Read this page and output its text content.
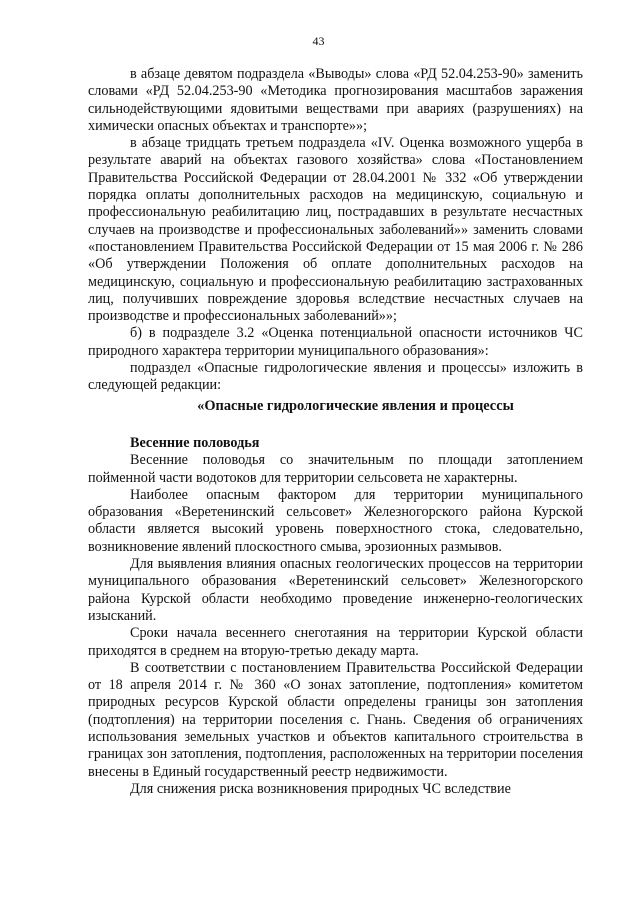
43

в абзаце девятом подраздела «Выводы» слова «РД 52.04.253-90» заменить словами «РД 52.04.253-90 «Методика прогнозирования масштабов заражения сильнодействующими ядовитыми веществами при авариях (разрушениях) на химически опасных объектах и транспорте»»;

в абзаце тридцать третьем подраздела «IV. Оценка возможного ущерба в результате аварий на объектах газового хозяйства» слова «Постановлением Правительства Российской Федерации от 28.04.2001 № 332 «Об утверждении порядка оплаты дополнительных расходов на медицинскую, социальную и профессиональную реабилитацию лиц, пострадавших в результате несчастных случаев на производстве и профессиональных заболеваний»» заменить словами «постановлением Правительства Российской Федерации от 15 мая 2006 г. № 286 «Об утверждении Положения об оплате дополнительных расходов на медицинскую, социальную и профессиональную реабилитацию застрахованных лиц, получивших повреждение здоровья вследствие несчастных случаев на производстве и профессиональных заболеваний»»;

б) в подразделе 3.2 «Оценка потенциальной опасности источников ЧС природного характера территории муниципального образования»:

подраздел «Опасные гидрологические явления и процессы» изложить в следующей редакции:

«Опасные гидрологические явления и процессы
Весенние половодья

Весенние половодья со значительным по площади затоплением пойменной части водотоков для территории сельсовета не характерны.

Наиболее опасным фактором для территории муниципального образования «Веретенинский сельсовет» Железногорского района Курской области является высокий уровень поверхностного стока, следовательно, возникновение явлений плоскостного смыва, эрозионных размывов.

Для выявления влияния опасных геологических процессов на территории муниципального образования «Веретенинский сельсовет» Железногорского района Курской области необходимо проведение инженерно-геологических изысканий.

Сроки начала весеннего снеготаяния на территории Курской области приходятся в среднем на вторую-третью декаду марта.

В соответствии с постановлением Правительства Российской Федерации от 18 апреля 2014 г. № 360 «О зонах затопление, подтопления» комитетом природных ресурсов Курской области определены границы зон затопления (подтопления) на территории поселения с. Гнань. Сведения об ограничениях использования земельных участков и объектов капитального строительства в границах зон затопления, подтопления, расположенных на территории поселения внесены в Единый государственный реестр недвижимости.

Для снижения риска возникновения природных ЧС вследствие
